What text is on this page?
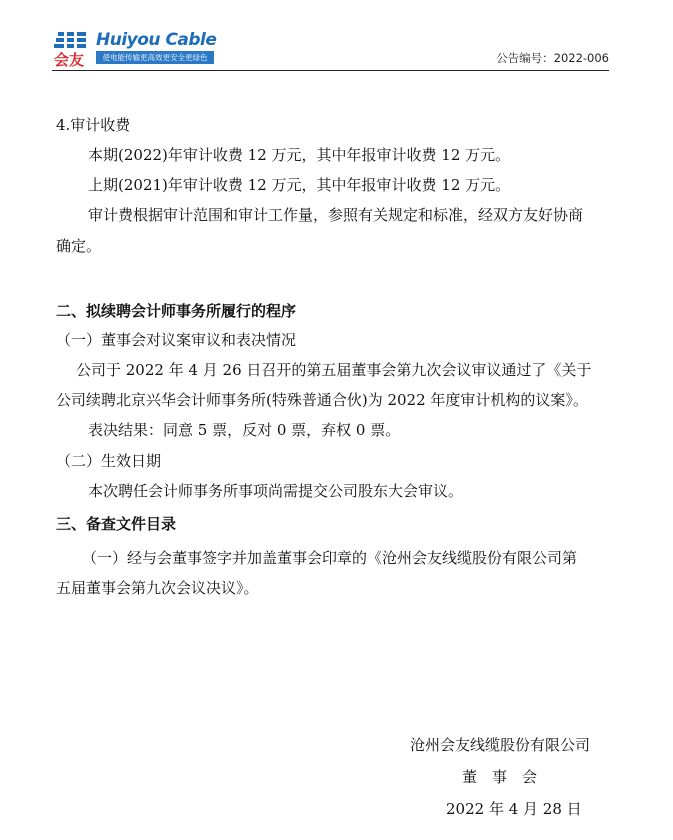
会友
Huiyou Cable
使电能传输更高效更安全更绿色	公告编号：2022-006
4.审计收费
本期(2022)年审计收费 12 万元，其中年报审计收费 12 万元。
上期(2021)年审计收费 12 万元，其中年报审计收费 12 万元。
审计费根据审计范围和审计工作量，参照有关规定和标准，经双方友好协商
确定。
二、拟续聘会计师事务所履行的程序
（一）董事会对议案审议和表决情况
公司于 2022 年 4 月 26 日召开的第五届董事会第九次会议审议通过了《关于
公司续聘北京兴华会计师事务所(特殊普通合伙)为 2022 年度审计机构的议案》。
表决结果：同意 5 票，反对 0 票，弃权 0 票。
（二）生效日期
本次聘任会计师事务所事项尚需提交公司股东大会审议。
三、备查文件目录
（一）经与会董事签字并加盖董事会印章的《沧州会友线缆股份有限公司第
五届董事会第九次会议决议》。
沧州会友线缆股份有限公司
董　事　会
2022 年 4 月 28 日
